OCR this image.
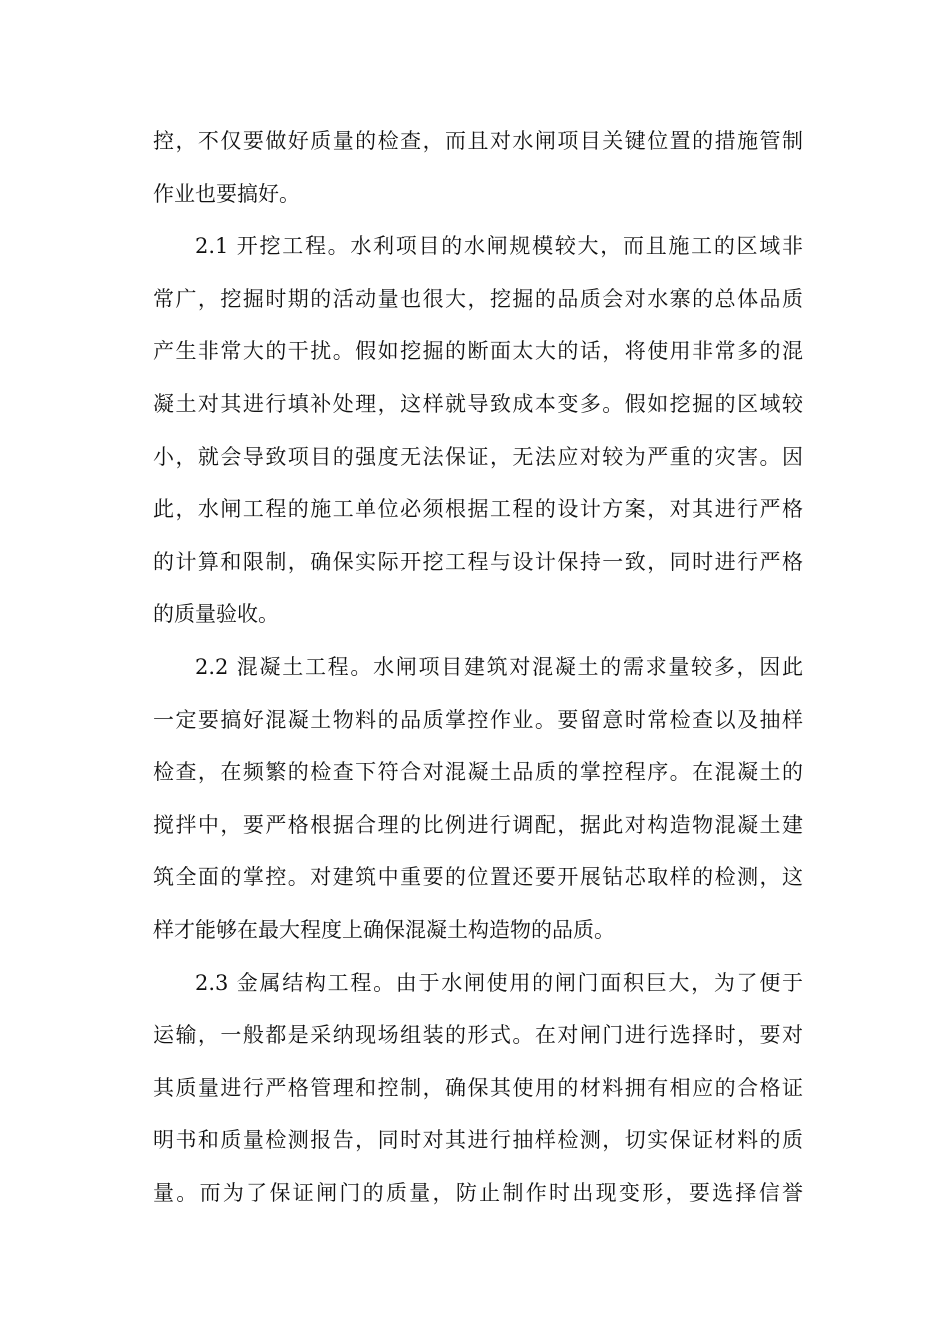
控，不仅要做好质量的检查，而且对水闸项目关键位置的措施管制
作业也要搞好。
2.1 开挖工程。水利项目的水闸规模较大，而且施工的区域非
常广，挖掘时期的活动量也很大，挖掘的品质会对水寨的总体品质
产生非常大的干扰。假如挖掘的断面太大的话，将使用非常多的混
凝土对其进行填补处理，这样就导致成本变多。假如挖掘的区域较
小，就会导致项目的强度无法保证，无法应对较为严重的灾害。因
此，水闸工程的施工单位必须根据工程的设计方案，对其进行严格
的计算和限制，确保实际开挖工程与设计保持一致，同时进行严格
的质量验收。
2.2 混凝土工程。水闸项目建筑对混凝土的需求量较多，因此
一定要搞好混凝土物料的品质掌控作业。要留意时常检查以及抽样
检查，在频繁的检查下符合对混凝土品质的掌控程序。在混凝土的
搅拌中，要严格根据合理的比例进行调配，据此对构造物混凝土建
筑全面的掌控。对建筑中重要的位置还要开展钻芯取样的检测，这
样才能够在最大程度上确保混凝土构造物的品质。
2.3 金属结构工程。由于水闸使用的闸门面积巨大，为了便于
运输，一般都是采纳现场组装的形式。在对闸门进行选择时，要对
其质量进行严格管理和控制，确保其使用的材料拥有相应的合格证
明书和质量检测报告，同时对其进行抽样检测，切实保证材料的质
量。而为了保证闸门的质量，防止制作时出现变形，要选择信誉
